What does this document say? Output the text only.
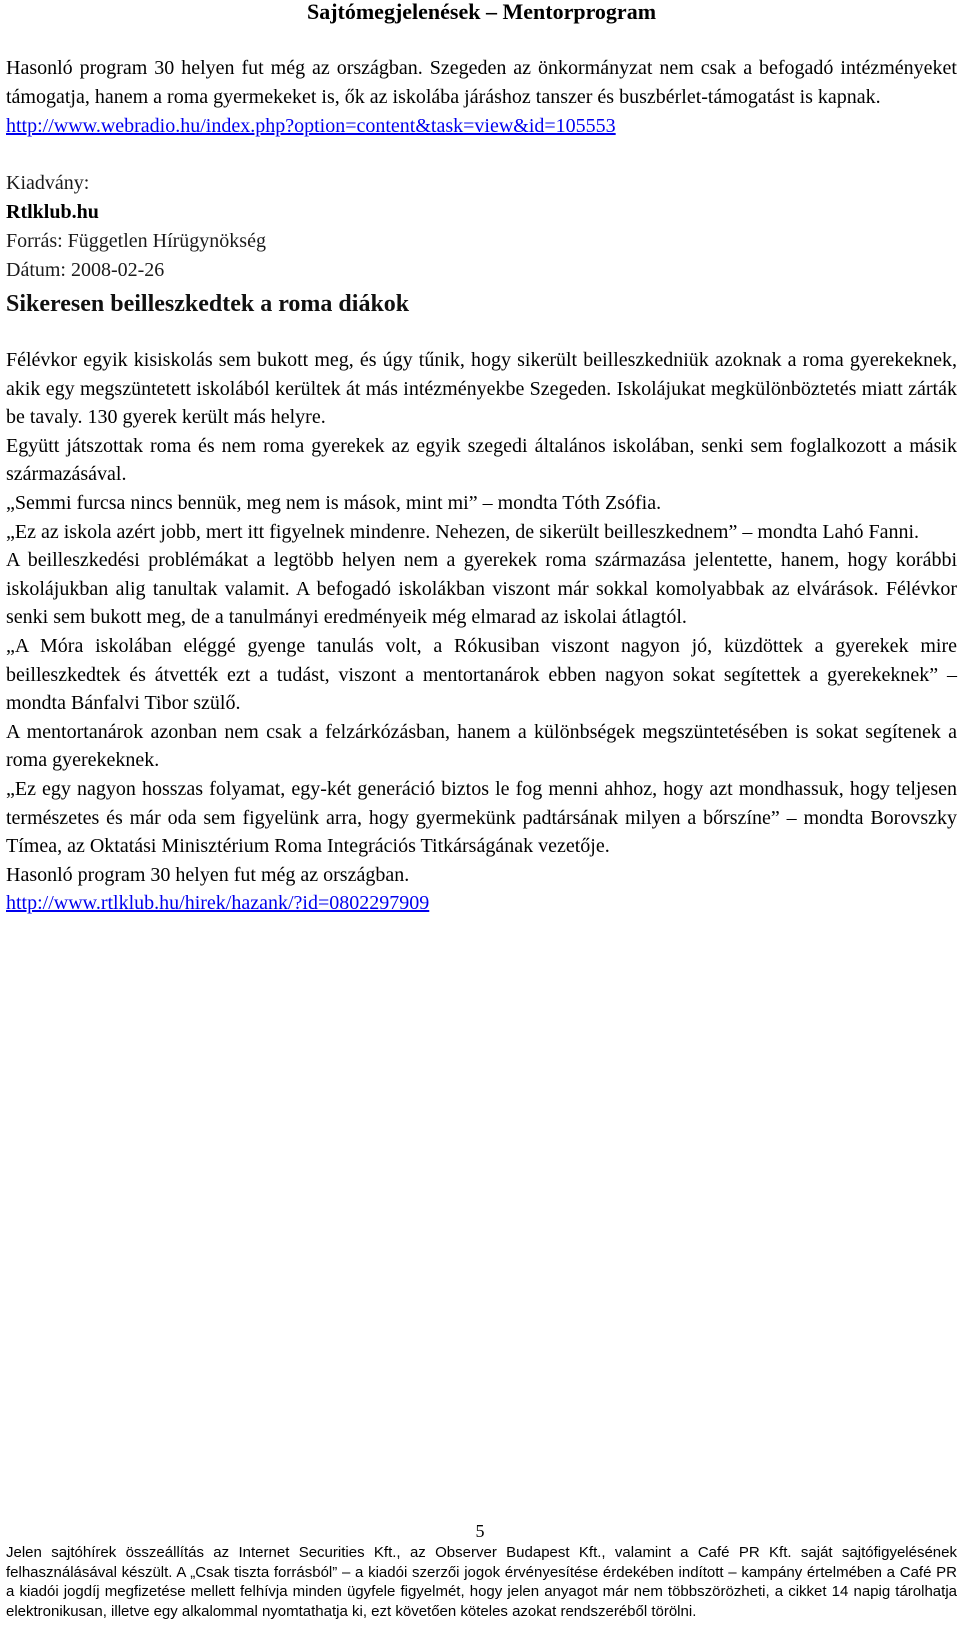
Sajtómegjelenések – Mentorprogram

Hasonló program 30 helyen fut még az országban. Szegeden az önkormányzat nem csak a befogadó intézményeket támogatja, hanem a roma gyermekeket is, ők az iskolába járáshoz tanszer és buszbérlet-támogatást is kapnak.

http://www.webradio.hu/index.php?option=content&task=view&id=105553

Kiadvány:
Rtlklub.hu
Forrás: Független Hírügynökség
Dátum: 2008-02-26
Sikeresen beilleszkedtek a roma diákok

Félévkor egyik kisiskolás sem bukott meg, és úgy tűnik, hogy sikerült beilleszkedniük azoknak a roma gyerekeknek, akik egy megszüntetett iskolából kerültek át más intézményekbe Szegeden. Iskolájukat megkülönböztetés miatt zárták be tavaly. 130 gyerek került más helyre.

Együtt játszottak roma és nem roma gyerekek az egyik szegedi általános iskolában, senki sem foglalkozott a másik származásával.

„Semmi furcsa nincs bennük, meg nem is mások, mint mi” – mondta Tóth Zsófia.

„Ez az iskola azért jobb, mert itt figyelnek mindenre. Nehezen, de sikerült beilleszkednem” – mondta Lahó Fanni.

A beilleszkedési problémákat a legtöbb helyen nem a gyerekek roma származása jelentette, hanem, hogy korábbi iskolájukban alig tanultak valamit. A befogadó iskolákban viszont már sokkal komolyabbak az elvárások. Félévkor senki sem bukott meg, de a tanulmányi eredményeik még elmarad az iskolai átlagtól.

„A Móra iskolában eléggé gyenge tanulás volt, a Rókusiban viszont nagyon jó, küzdöttek a gyerekek mire beilleszkedtek és átvették ezt a tudást, viszont a mentortanárok ebben nagyon sokat segítettek a gyerekeknek” – mondta Bánfalvi Tibor szülő.

A mentortanárok azonban nem csak a felzárkózásban, hanem a különbségek megszüntetésében is sokat segítenek a roma gyerekeknek.

„Ez egy nagyon hosszas folyamat, egy-két generáció biztos le fog menni ahhoz, hogy azt mondhassuk, hogy teljesen természetes és már oda sem figyelünk arra, hogy gyermekünk padtársának milyen a bőrszíne” – mondta Borovszky Tímea, az Oktatási Minisztérium Roma Integrációs Titkárságának vezetője.

Hasonló program 30 helyen fut még az országban.

http://www.rtlklub.hu/hirek/hazank/?id=0802297909

5
Jelen sajtóhírek összeállítás az Internet Securities Kft., az Observer Budapest Kft., valamint a Café PR Kft. saját sajtófigyelésének felhasználásával készült. A „Csak tiszta forrásból” – a kiadói szerzői jogok érvényesítése érdekében indított – kampány értelmében a Café PR a kiadói jogdíj megfizetése mellett felhívja minden ügyfele figyelmét, hogy jelen anyagot már nem többszörözheti, a cikket 14 napig tárolhatja elektronikusan, illetve egy alkalommal nyomtathatja ki, ezt követően köteles azokat rendszeréből törölni.
